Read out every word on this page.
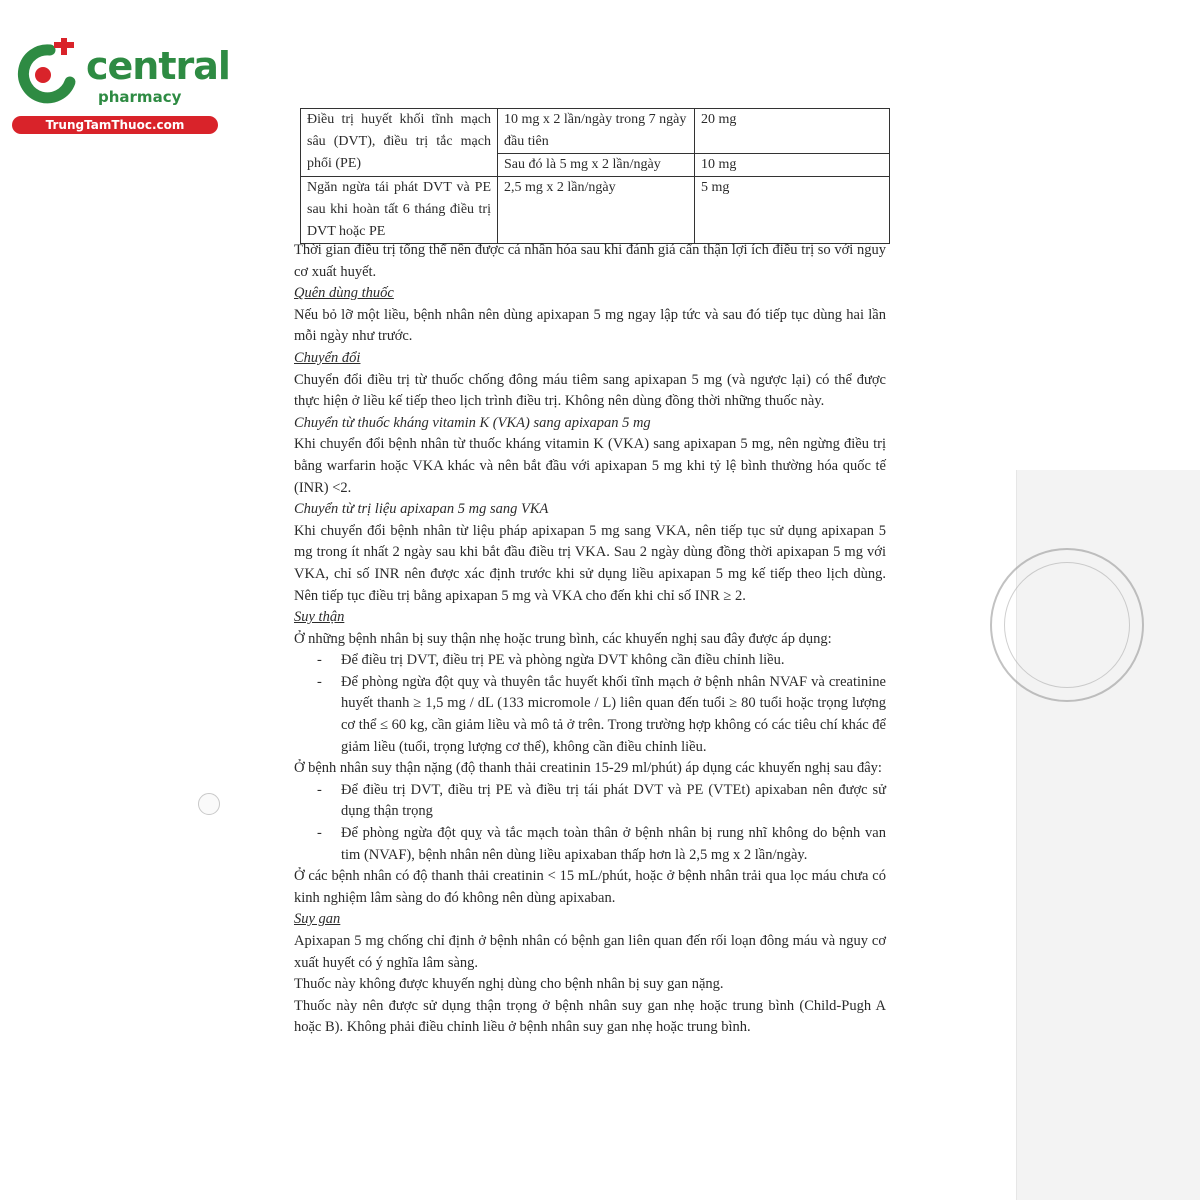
central
pharmacy
TrungTamThuoc.com	Điều trị huyết khối tĩnh mạch sâu (DVT), điều trị tắc mạch phổi (PE)	10 mg x 2 lần/ngày trong 7 ngày đầu tiên	20 mg
	Sau đó là 5 mg x 2 lần/ngày	10 mg
Ngăn ngừa tái phát DVT và PE sau khi hoàn tất 6 tháng điều trị DVT hoặc PE	2,5 mg x 2 lần/ngày	5 mg

Thời gian điều trị tổng thể nên được cá nhân hóa sau khi đánh giá cẩn thận lợi ích điều trị so với nguy cơ xuất huyết.

Quên dùng thuốc

Nếu bỏ lỡ một liều, bệnh nhân nên dùng apixapan 5 mg ngay lập tức và sau đó tiếp tục dùng hai lần mỗi ngày như trước.

Chuyển đổi

Chuyển đổi điều trị từ thuốc chống đông máu tiêm sang apixapan 5 mg (và ngược lại) có thể được thực hiện ở liều kế tiếp theo lịch trình điều trị. Không nên dùng đồng thời những thuốc này.

Chuyển từ thuốc kháng vitamin K (VKA) sang apixapan 5 mg

Khi chuyển đổi bệnh nhân từ thuốc kháng vitamin K (VKA) sang apixapan 5 mg, nên ngừng điều trị bằng warfarin hoặc VKA khác và nên bắt đầu với apixapan 5 mg khi tỷ lệ bình thường hóa quốc tế (INR) <2.

Chuyển từ trị liệu apixapan 5 mg sang VKA

Khi chuyển đổi bệnh nhân từ liệu pháp apixapan 5 mg sang VKA, nên tiếp tục sử dụng apixapan 5 mg trong ít nhất 2 ngày sau khi bắt đầu điều trị VKA. Sau 2 ngày dùng đồng thời apixapan 5 mg với VKA, chỉ số INR nên được xác định trước khi sử dụng liều apixapan 5 mg kế tiếp theo lịch dùng. Nên tiếp tục điều trị bằng apixapan 5 mg và VKA cho đến khi chỉ số INR ≥ 2.

Suy thận

Ở những bệnh nhân bị suy thận nhẹ hoặc trung bình, các khuyến nghị sau đây được áp dụng:

- Để điều trị DVT, điều trị PE và phòng ngừa DVT không cần điều chỉnh liều.
- Để phòng ngừa đột quỵ và thuyên tắc huyết khối tĩnh mạch ở bệnh nhân NVAF và creatinine huyết thanh ≥ 1,5 mg / dL (133 micromole / L) liên quan đến tuổi ≥ 80 tuổi hoặc trọng lượng cơ thể ≤ 60 kg, cần giảm liều và mô tả ở trên. Trong trường hợp không có các tiêu chí khác để giảm liều (tuổi, trọng lượng cơ thể), không cần điều chỉnh liều.

Ở bệnh nhân suy thận nặng (độ thanh thải creatinin 15-29 ml/phút) áp dụng các khuyến nghị sau đây:

- Để điều trị DVT, điều trị PE và điều trị tái phát DVT và PE (VTEt) apixaban nên được sử dụng thận trọng
- Để phòng ngừa đột quỵ và tắc mạch toàn thân ở bệnh nhân bị rung nhĩ không do bệnh van tim (NVAF), bệnh nhân nên dùng liều apixaban thấp hơn là 2,5 mg x 2 lần/ngày.

Ở các bệnh nhân có độ thanh thải creatinin < 15 mL/phút, hoặc ở bệnh nhân trải qua lọc máu chưa có kinh nghiệm lâm sàng do đó không nên dùng apixaban.

Suy gan

Apixapan 5 mg chống chỉ định ở bệnh nhân có bệnh gan liên quan đến rối loạn đông máu và nguy cơ xuất huyết có ý nghĩa lâm sàng.

Thuốc này không được khuyến nghị dùng cho bệnh nhân bị suy gan nặng.

Thuốc này nên được sử dụng thận trọng ở bệnh nhân suy gan nhẹ hoặc trung bình (Child-Pugh A hoặc B). Không phải điều chỉnh liều ở bệnh nhân suy gan nhẹ hoặc trung bình.
